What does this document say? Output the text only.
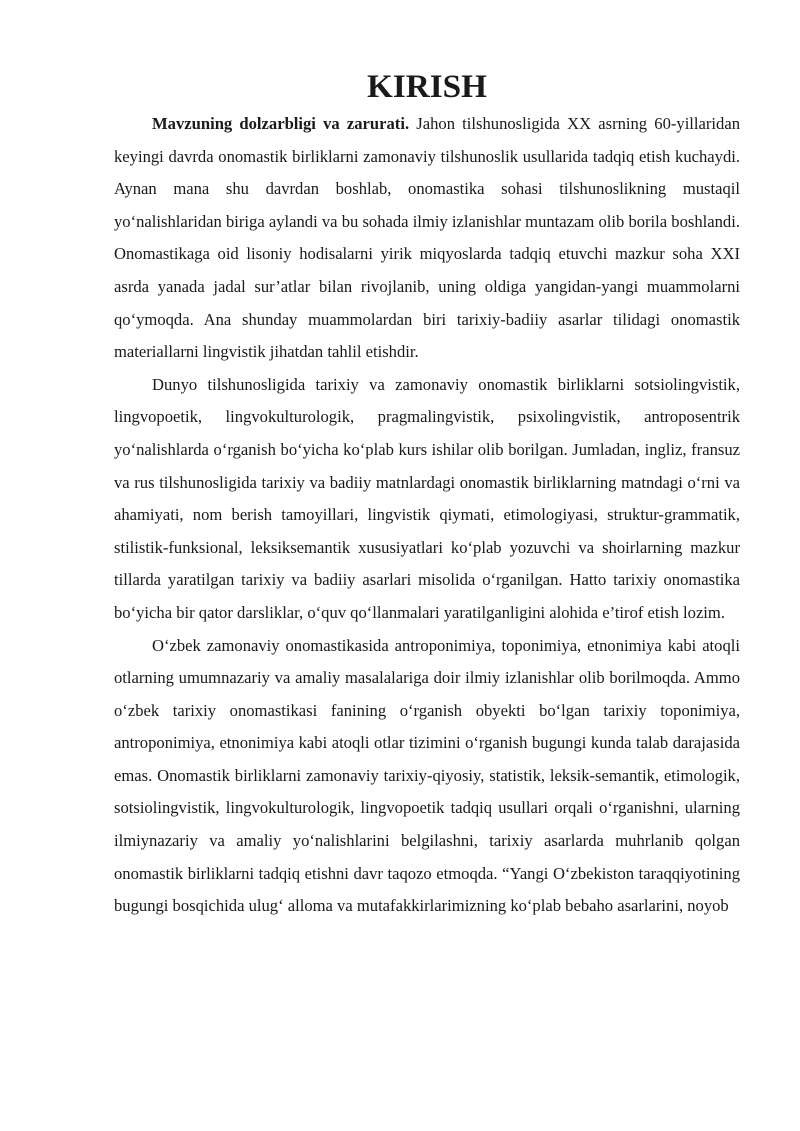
KIRISH

Mavzuning dolzarbligi va zarurati. Jahon tilshunosligida XX asrning 60-yillaridan keyingi davrda onomastik birliklarni zamonaviy tilshunoslik usullarida tadqiq etish kuchaydi. Aynan mana shu davrdan boshlab, onomastika sohasi tilshunoslikning mustaqil yo‘nalishlaridan biriga aylandi va bu sohada ilmiy izlanishlar muntazam olib borila boshlandi. Onomastikaga oid lisoniy hodisalarni yirik miqyoslarda tadqiq etuvchi mazkur soha XXI asrda yanada jadal sur’atlar bilan rivojlanib, uning oldiga yangidan-yangi muammolarni qo‘ymoqda. Ana shunday muammolardan biri tarixiy-badiiy asarlar tilidagi onomastik materiallarni lingvistik jihatdan tahlil etishdir.

Dunyo tilshunosligida tarixiy va zamonaviy onomastik birliklarni sotsiolingvistik, lingvopoetik, lingvokulturologik, pragmalingvistik, psixolingvistik, antroposentrik yo‘nalishlarda o‘rganish bo‘yicha ko‘plab kurs ishilar olib borilgan. Jumladan, ingliz, fransuz va rus tilshunosligida tarixiy va badiiy matnlardagi onomastik birliklarning matndagi o‘rni va ahamiyati, nom berish tamoyillari, lingvistik qiymati, etimologiyasi, struktur-grammatik, stilistik-funksional, leksiksemantik xususiyatlari ko‘plab yozuvchi va shoirlarning mazkur tillarda yaratilgan tarixiy va badiiy asarlari misolida o‘rganilgan. Hatto tarixiy onomastika bo‘yicha bir qator darsliklar, o‘quv qo‘llanmalari yaratilganligini alohida e’tirof etish lozim.

O‘zbek zamonaviy onomastikasida antroponimiya, toponimiya, etnonimiya kabi atoqli otlarning umumnazariy va amaliy masalalariga doir ilmiy izlanishlar olib borilmoqda. Ammo o‘zbek tarixiy onomastikasi fanining o‘rganish obyekti bo‘lgan tarixiy toponimiya, antroponimiya, etnonimiya kabi atoqli otlar tizimini o‘rganish bugungi kunda talab darajasida emas. Onomastik birliklarni zamonaviy tarixiy-qiyosiy, statistik, leksik-semantik, etimologik, sotsiolingvistik, lingvokulturologik, lingvopoetik tadqiq usullari orqali o‘rganishni, ularning ilmiynazariy va amaliy yo‘nalishlarini belgilashni, tarixiy asarlarda muhrlanib qolgan onomastik birliklarni tadqiq etishni davr taqozo etmoqda. “Yangi O‘zbekiston taraqqiyotining bugungi bosqichida ulug‘ alloma va mutafakkirlarimizning ko‘plab bebaho asarlarini, noyob
